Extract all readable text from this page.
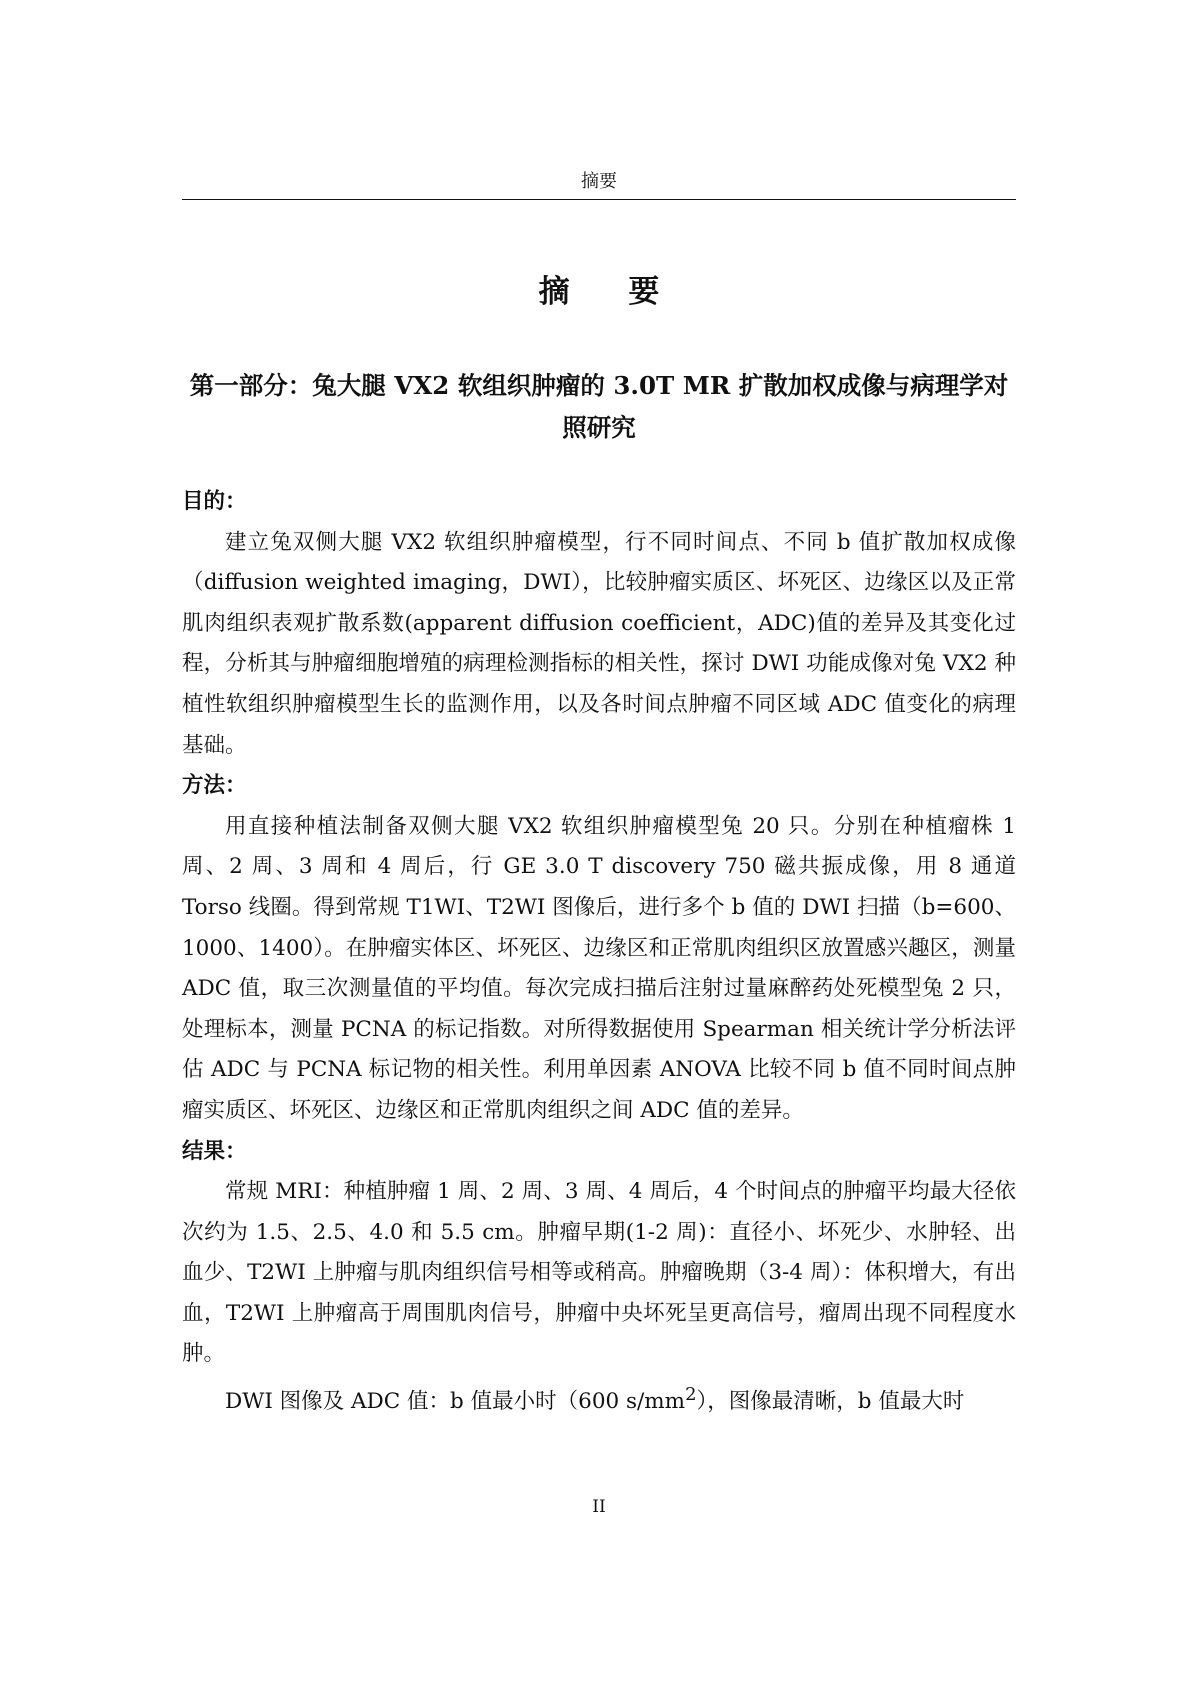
摘要
摘 要
第一部分：兔大腿 VX2 软组织肿瘤的 3.0T MR 扩散加权成像与病理学对照研究
目的：

建立兔双侧大腿 VX2 软组织肿瘤模型，行不同时间点、不同 b 值扩散加权成像（diffusion weighted imaging，DWI），比较肿瘤实质区、坏死区、边缘区以及正常肌肉组织表观扩散系数(apparent diffusion coefficient，ADC)值的差异及其变化过程，分析其与肿瘤细胞增殖的病理检测指标的相关性，探讨 DWI 功能成像对兔 VX2 种植性软组织肿瘤模型生长的监测作用，以及各时间点肿瘤不同区域 ADC 值变化的病理基础。

方法：

用直接种植法制备双侧大腿 VX2 软组织肿瘤模型兔 20 只。分别在种植瘤株 1 周、2 周、3 周和 4 周后，行 GE 3.0 T discovery 750 磁共振成像，用 8 通道 Torso 线圈。得到常规 T1WI、T2WI 图像后，进行多个 b 值的 DWI 扫描（b=600、1000、1400）。在肿瘤实体区、坏死区、边缘区和正常肌肉组织区放置感兴趣区，测量 ADC 值，取三次测量值的平均值。每次完成扫描后注射过量麻醉药处死模型兔 2 只，处理标本，测量 PCNA 的标记指数。对所得数据使用 Spearman 相关统计学分析法评估 ADC 与 PCNA 标记物的相关性。利用单因素 ANOVA 比较不同 b 值不同时间点肿瘤实质区、坏死区、边缘区和正常肌肉组织之间 ADC 值的差异。

结果：

常规 MRI：种植肿瘤 1 周、2 周、3 周、4 周后，4 个时间点的肿瘤平均最大径依次约为 1.5、2.5、4.0 和 5.5 cm。肿瘤早期(1-2 周)：直径小、坏死少、水肿轻、出血少、T2WI 上肿瘤与肌肉组织信号相等或稍高。肿瘤晚期（3-4 周）：体积增大，有出血，T2WI 上肿瘤高于周围肌肉信号，肿瘤中央坏死呈更高信号，瘤周出现不同程度水肿。

DWI 图像及 ADC 值：b 值最小时（600 $s/mm^2$），图像最清晰，b 值最大时

II
